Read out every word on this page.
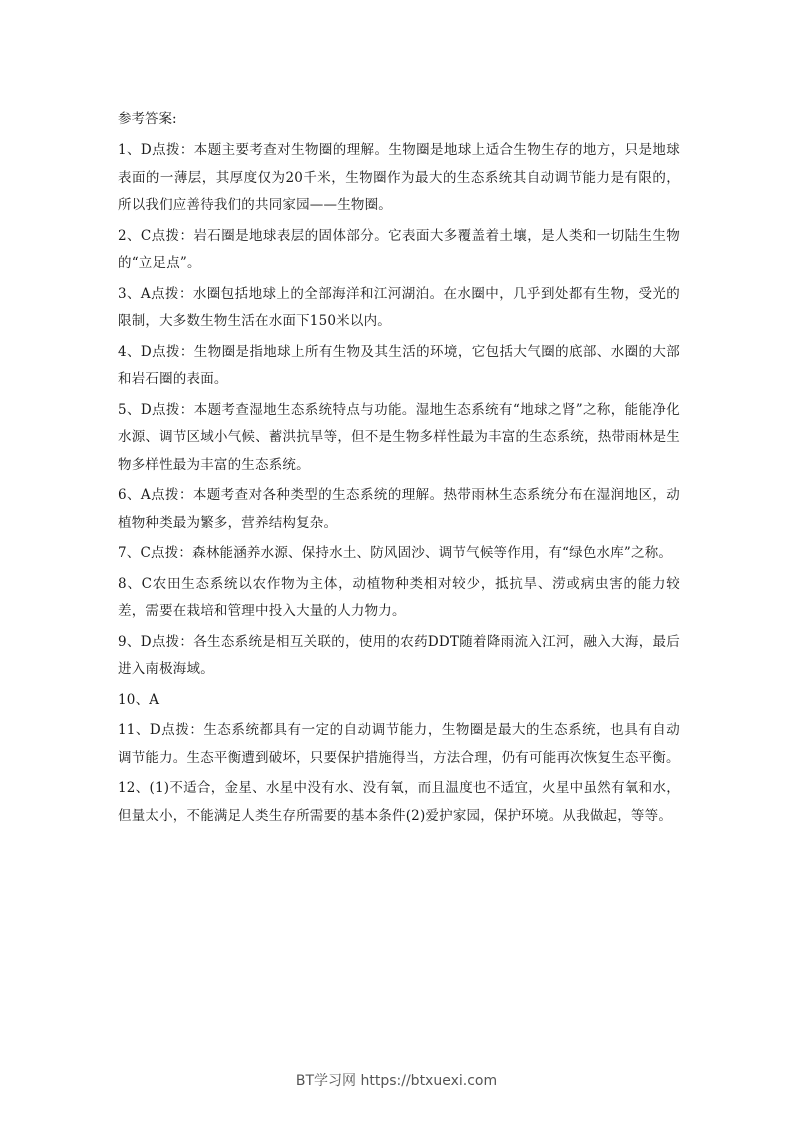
参考答案:

1、D点拨：本题主要考查对生物圈的理解。生物圈是地球上适合生物生存的地方，只是地球表面的一薄层，其厚度仅为20千米，生物圈作为最大的生态系统其自动调节能力是有限的，所以我们应善待我们的共同家园——生物圈。

2、C点拨：岩石圈是地球表层的固体部分。它表面大多覆盖着土壤，是人类和一切陆生生物的“立足点”。

3、A点拨：水圈包括地球上的全部海洋和江河湖泊。在水圈中，几乎到处都有生物，受光的限制，大多数生物生活在水面下150米以内。

4、D点拨：生物圈是指地球上所有生物及其生活的环境，它包括大气圈的底部、水圈的大部和岩石圈的表面。

5、D点拨：本题考查湿地生态系统特点与功能。湿地生态系统有“地球之肾”之称，能能净化水源、调节区域小气候、蓄洪抗旱等，但不是生物多样性最为丰富的生态系统，热带雨林是生物多样性最为丰富的生态系统。

6、A点拨：本题考查对各种类型的生态系统的理解。热带雨林生态系统分布在湿润地区，动植物种类最为繁多，营养结构复杂。

7、C点拨：森林能涵养水源、保持水土、防风固沙、调节气候等作用，有“绿色水库”之称。

8、C农田生态系统以农作物为主体，动植物种类相对较少，抵抗旱、涝或病虫害的能力较差，需要在栽培和管理中投入大量的人力物力。

9、D点拨：各生态系统是相互关联的，使用的农药DDT随着降雨流入江河，融入大海，最后进入南极海域。

10、A

11、D点拨：生态系统都具有一定的自动调节能力，生物圈是最大的生态系统，也具有自动调节能力。生态平衡遭到破坏，只要保护措施得当，方法合理，仍有可能再次恢复生态平衡。

12、(1)不适合，金星、水星中没有水、没有氧，而且温度也不适宜，火星中虽然有氧和水，但量太小，不能满足人类生存所需要的基本条件(2)爱护家园，保护环境。从我做起，等等。

BT学习网 https://btxuexi.com
